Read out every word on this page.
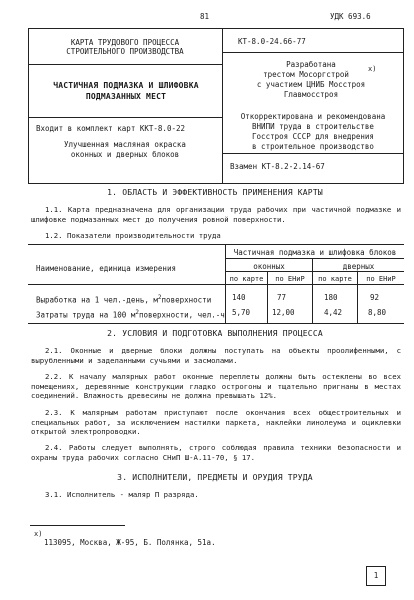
81	УДК 693.6
КАРТА ТРУДОВОГО ПРОЦЕССА СТРОИТЕЛЬНОГО ПРОИЗВОДСТВА
ЧАСТИЧНАЯ ПОДМАЗКА И ШЛИФОВКА ПОДМАЗАННЫХ МЕСТ
Входит в комплект карт ККТ-8.0-22
Улучшенная масляная окраска
оконных и дверных блоков
КТ-8.0-24.66-77
Разработана
трестом Мосоргстрой
x)
с участием ЦНИБ Мосстроя
Главмосстроя
Откорректирована и рекомендована
ВНИПИ труда в строительстве
Госстроя СССР для внедрения
в строительное производство
Взамен КТ-8.2-2.14-67
1. ОБЛАСТЬ И ЭФФЕКТИВНОСТЬ ПРИМЕНЕНИЯ КАРТЫ
1.1. Карта предназначена для организации труда рабочих при частичной подмазке и шлифовке подмазанных мест до получения ровной поверхности.
1.2. Показатели производительности труда
Наименование, единица измерения
Частичная подмазка и шлифовка блоков
оконных	дверных
по карте	по ЕНиР	по карте	по ЕНиР
Выработка на 1 чел.-день, $м^2поверхности$	140	77	180	92
Затраты труда на 100 $м^2поверхности$, чел.-ч 5,70	12,00	4,42	8,80
2. УСЛОВИЯ И ПОДГОТОВКА ВЫПОЛНЕНИЯ ПРОЦЕССА
2.1. Оконные и дверные блоки должны поступать на объекты проолифенными, с вырубленными и заделанными сучьями и засмолами.
2.2. К началу малярных работ оконные переплеты должны быть остеклены во всех помещениях, деревянные конструкции гладко острогоны и тщательно пригнаны в местах соединений. Влажность древесины не должна превышать 12%.
2.3. К малярным работам приступают после окончания всех общестроительных и специальных работ, за исключением настилки паркета, наклейки линолеума и оциклевки открытой электропроводки.
2.4. Работы следует выполнять, строго соблюдая правила техники безопасности и охраны труда рабочих согласно СНиП Ш-А.11-70, § 17.
3. ИСПОЛНИТЕЛИ, ПРЕДМЕТЫ И ОРУДИЯ ТРУДА
3.1. Исполнитель - маляр П разряда.
x)
113095, Москва, Ж-95, Б. Полянка, 51а.
1
